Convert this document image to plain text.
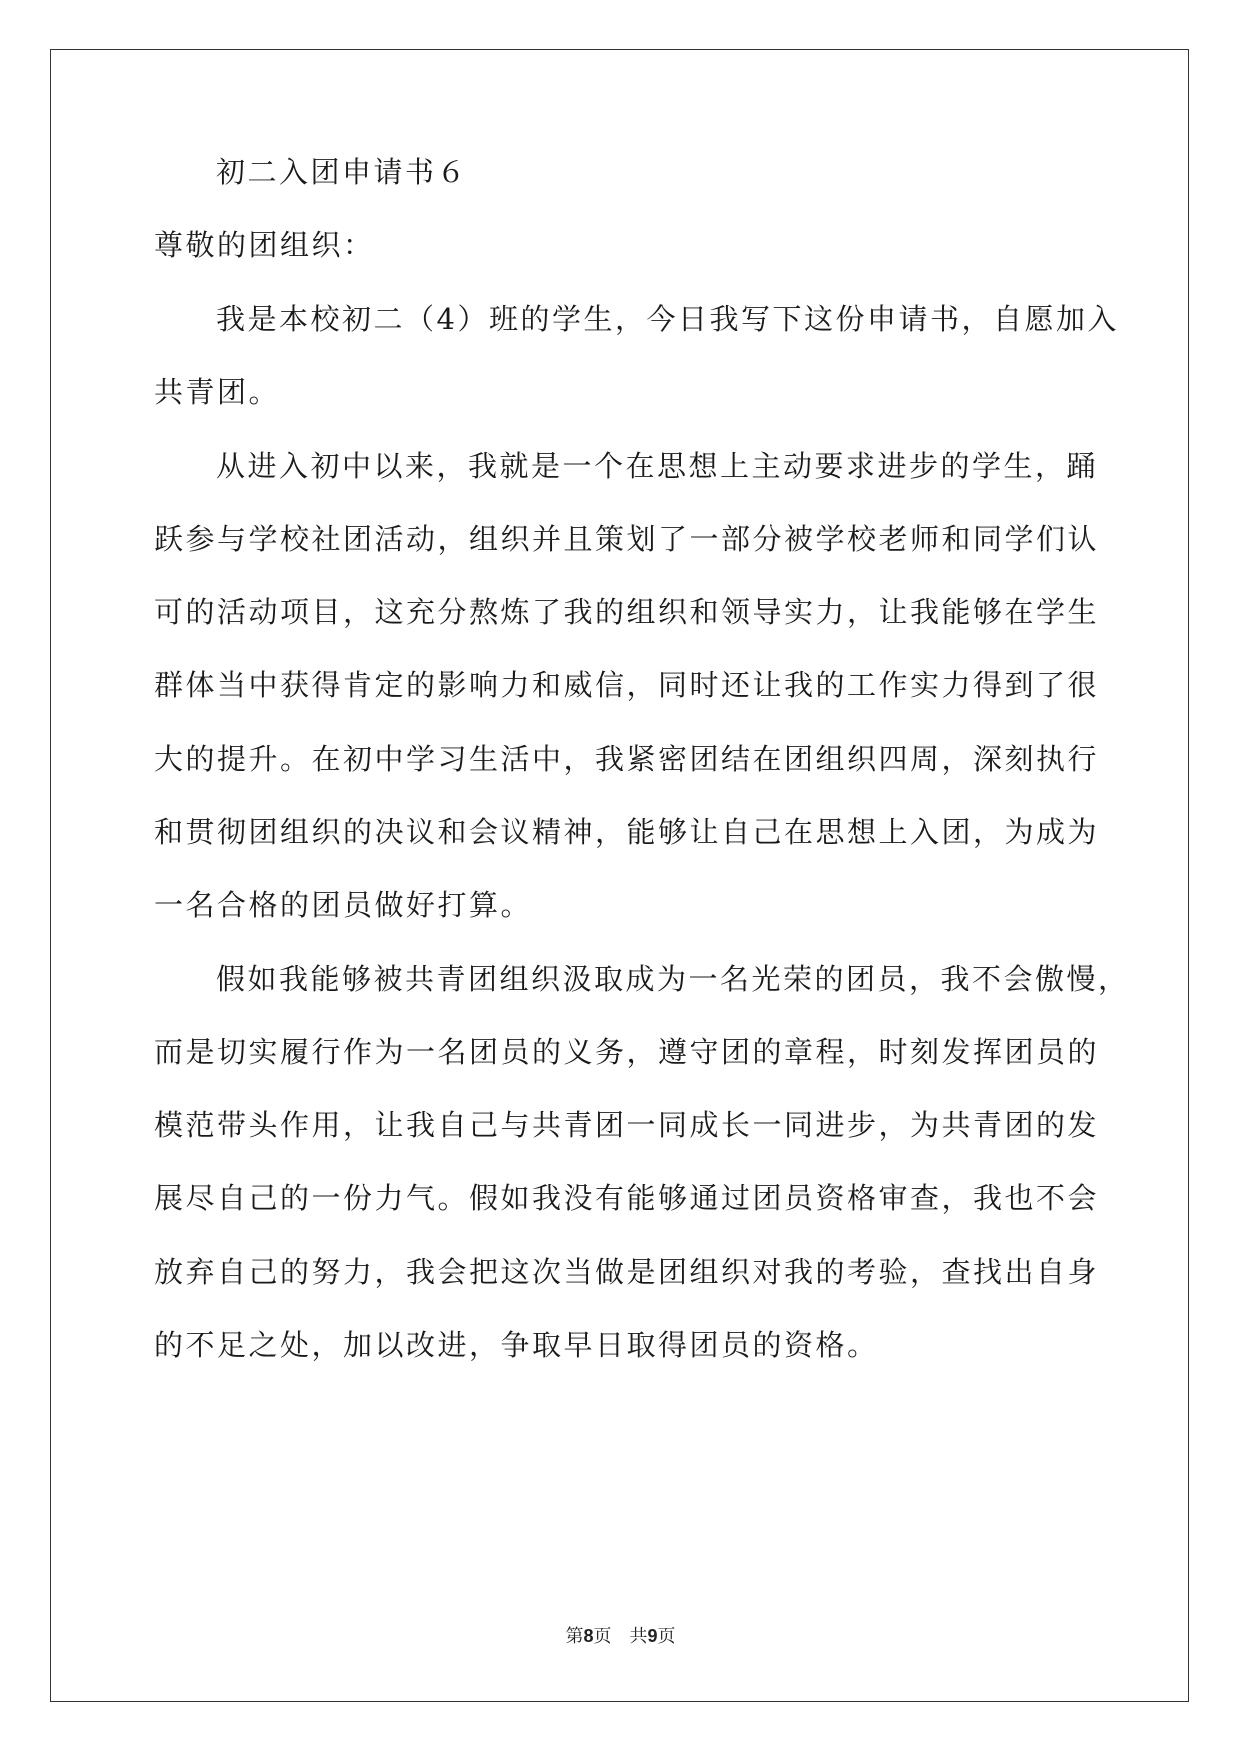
初二入团申请书６
尊敬的团组织：
我是本校初二（4）班的学生，今日我写下这份申请书，自愿加入
共青团。
从进入初中以来，我就是一个在思想上主动要求进步的学生，踊
跃参与学校社团活动，组织并且策划了一部分被学校老师和同学们认
可的活动项目，这充分熬炼了我的组织和领导实力，让我能够在学生
群体当中获得肯定的影响力和威信，同时还让我的工作实力得到了很
大的提升。在初中学习生活中，我紧密团结在团组织四周，深刻执行
和贯彻团组织的决议和会议精神，能够让自己在思想上入团，为成为
一名合格的团员做好打算。
假如我能够被共青团组织汲取成为一名光荣的团员，我不会傲慢，
而是切实履行作为一名团员的义务，遵守团的章程，时刻发挥团员的
模范带头作用，让我自己与共青团一同成长一同进步，为共青团的发
展尽自己的一份力气。假如我没有能够通过团员资格审查，我也不会
放弃自己的努力，我会把这次当做是团组织对我的考验，查找出自身
的不足之处，加以改进，争取早日取得团员的资格。
第8页　共9页
